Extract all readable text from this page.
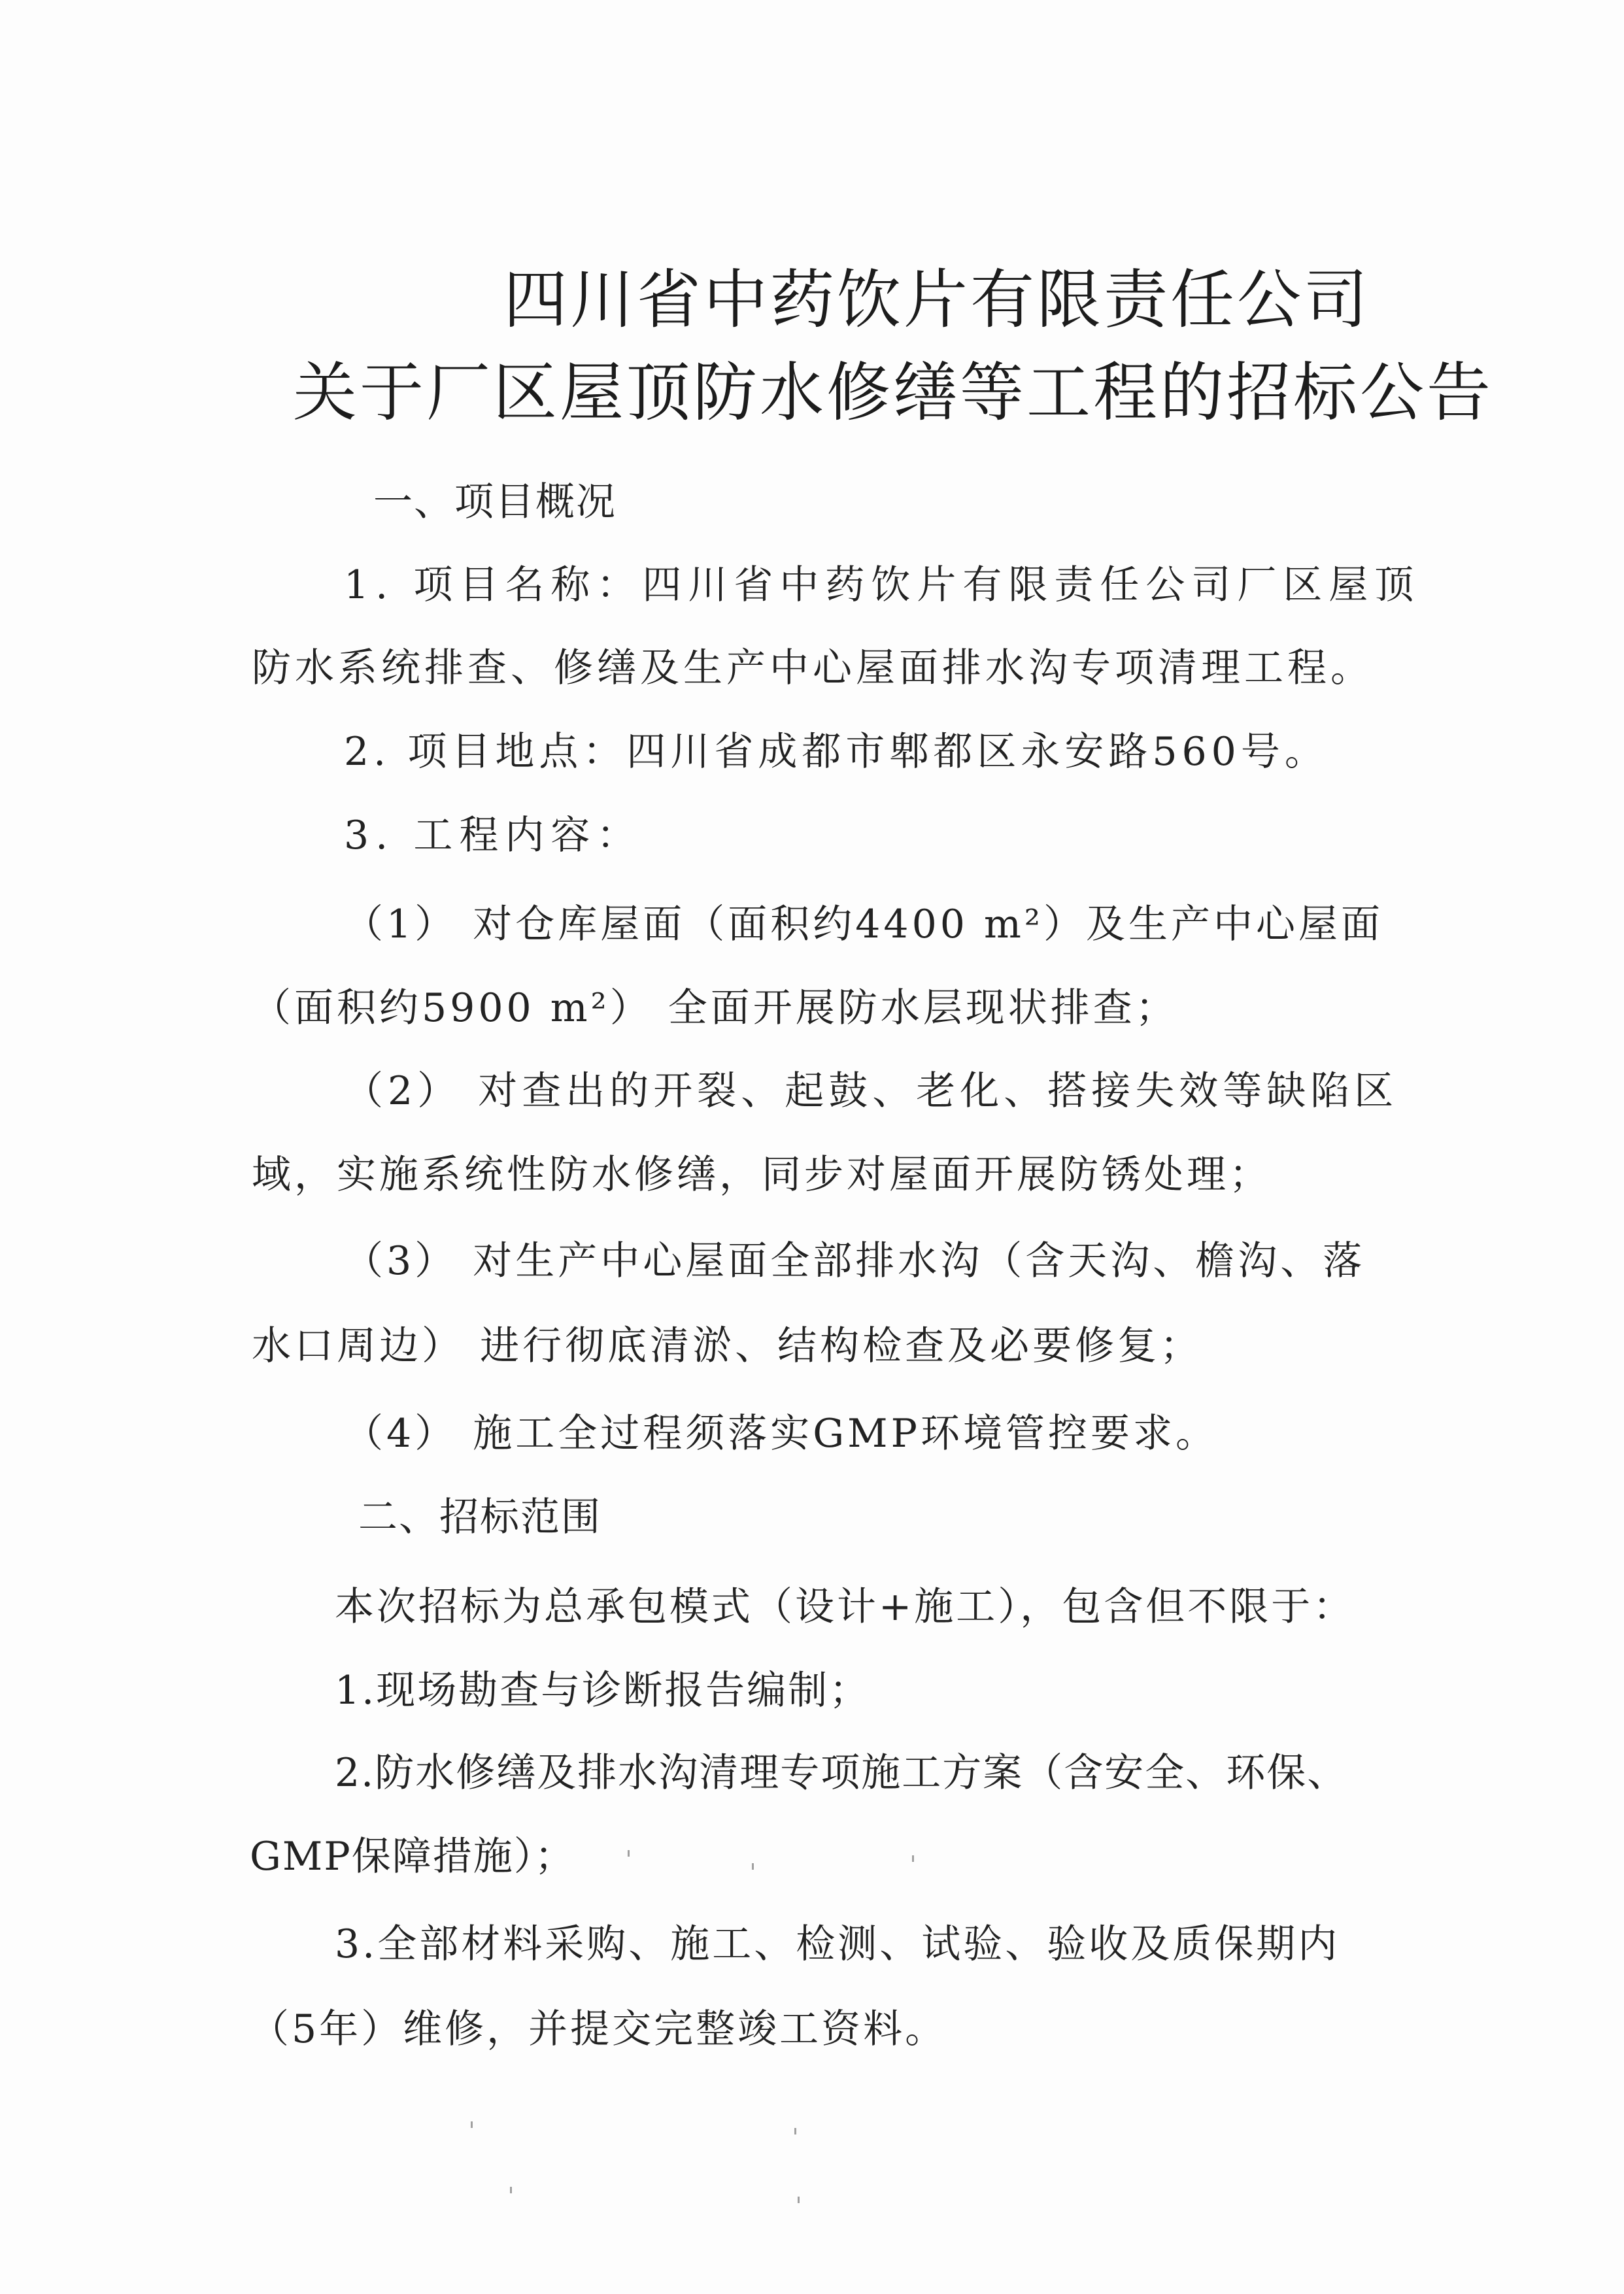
四川省中药饮片有限责任公司
关于厂区屋顶防水修缮等工程的招标公告
一、项目概况
1. 项目名称：四川省中药饮片有限责任公司厂区屋顶
防水系统排查、修缮及生产中心屋面排水沟专项清理工程。
2. 项目地点：四川省成都市郫都区永安路560号。
3. 工程内容：
（1） 对仓库屋面（面积约4400 m²）及生产中心屋面
（面积约5900 m²） 全面开展防水层现状排查；
（2） 对查出的开裂、起鼓、老化、搭接失效等缺陷区
域，实施系统性防水修缮，同步对屋面开展防锈处理；
（3） 对生产中心屋面全部排水沟（含天沟、檐沟、落
水口周边） 进行彻底清淤、结构检查及必要修复；
（4） 施工全过程须落实GMP环境管控要求。
二、招标范围
本次招标为总承包模式（设计+施工），包含但不限于：
1.现场勘查与诊断报告编制；
2.防水修缮及排水沟清理专项施工方案（含安全、环保、
GMP保障措施）；
3.全部材料采购、施工、检测、试验、验收及质保期内
（5年）维修，并提交完整竣工资料。
